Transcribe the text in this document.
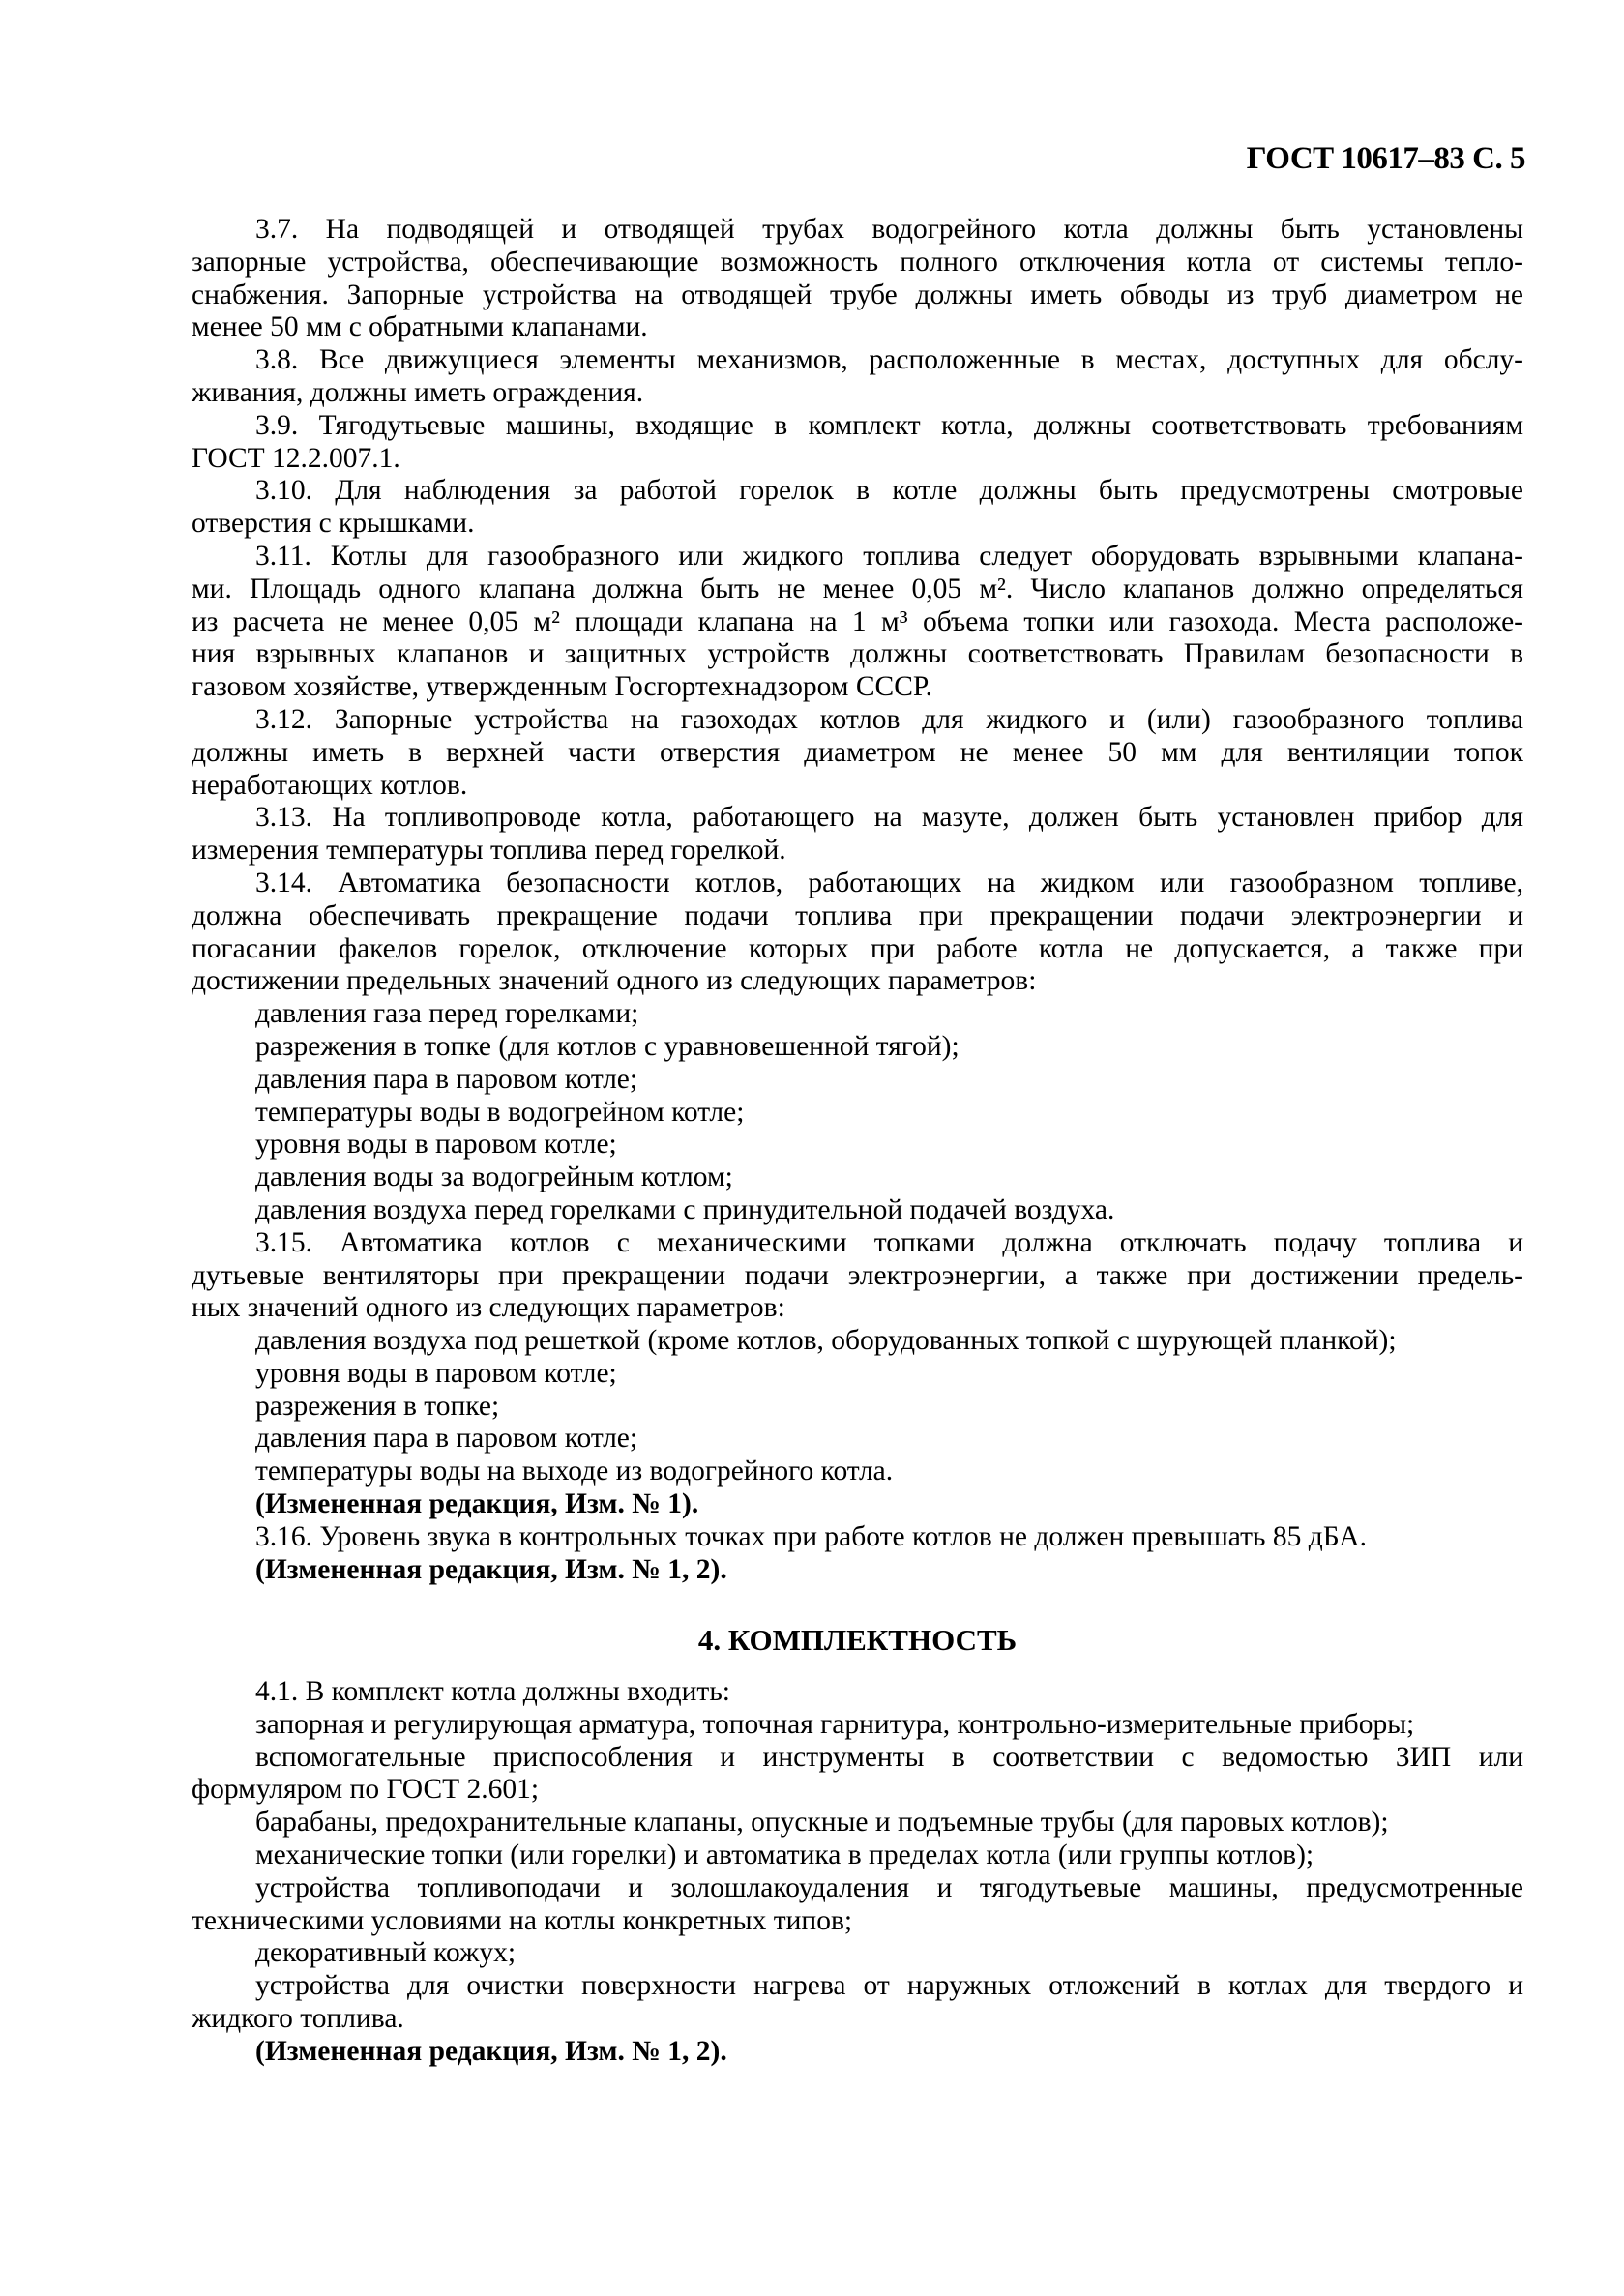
ГОСТ 10617–83 С. 5
3.7. На подводящей и отводящей трубах водогрейного котла должны быть установлены
запорные устройства, обеспечивающие возможность полного отключения котла от системы тепло-
снабжения. Запорные устройства на отводящей трубе должны иметь обводы из труб диаметром не
менее 50 мм с обратными клапанами.
3.8. Все движущиеся элементы механизмов, расположенные в местах, доступных для обслу-
живания, должны иметь ограждения.
3.9. Тягодутьевые машины, входящие в комплект котла, должны соответствовать требованиям
ГОСТ 12.2.007.1.
3.10. Для наблюдения за работой горелок в котле должны быть предусмотрены смотровые
отверстия с крышками.
3.11. Котлы для газообразного или жидкого топлива следует оборудовать взрывными клапана-
ми. Площадь одного клапана должна быть не менее 0,05 м². Число клапанов должно определяться
из расчета не менее 0,05 м² площади клапана на 1 м³ объема топки или газохода. Места расположе-
ния взрывных клапанов и защитных устройств должны соответствовать Правилам безопасности в
газовом хозяйстве, утвержденным Госгортехнадзором СССР.
3.12. Запорные устройства на газоходах котлов для жидкого и (или) газообразного топлива
должны иметь в верхней части отверстия диаметром не менее 50 мм для вентиляции топок
неработающих котлов.
3.13. На топливопроводе котла, работающего на мазуте, должен быть установлен прибор для
измерения температуры топлива перед горелкой.
3.14. Автоматика безопасности котлов, работающих на жидком или газообразном топливе,
должна обеспечивать прекращение подачи топлива при прекращении подачи электроэнергии и
погасании факелов горелок, отключение которых при работе котла не допускается, а также при
достижении предельных значений одного из следующих параметров:
давления газа перед горелками;
разрежения в топке (для котлов с уравновешенной тягой);
давления пара в паровом котле;
температуры воды в водогрейном котле;
уровня воды в паровом котле;
давления воды за водогрейным котлом;
давления воздуха перед горелками с принудительной подачей воздуха.
3.15. Автоматика котлов с механическими топками должна отключать подачу топлива и
дутьевые вентиляторы при прекращении подачи электроэнергии, а также при достижении предель-
ных значений одного из следующих параметров:
давления воздуха под решеткой (кроме котлов, оборудованных топкой с шурующей планкой);
уровня воды в паровом котле;
разрежения в топке;
давления пара в паровом котле;
температуры воды на выходе из водогрейного котла.
(Измененная редакция, Изм. № 1).
3.16. Уровень звука в контрольных точках при работе котлов не должен превышать 85 дБА.
(Измененная редакция, Изм. № 1, 2).
4. КОМПЛЕКТНОСТЬ
4.1. В комплект котла должны входить:
запорная и регулирующая арматура, топочная гарнитура, контрольно-измерительные приборы;
вспомогательные приспособления и инструменты в соответствии с ведомостью ЗИП или
формуляром по ГОСТ 2.601;
барабаны, предохранительные клапаны, опускные и подъемные трубы (для паровых котлов);
механические топки (или горелки) и автоматика в пределах котла (или группы котлов);
устройства топливоподачи и золошлакоудаления и тягодутьевые машины, предусмотренные
техническими условиями на котлы конкретных типов;
декоративный кожух;
устройства для очистки поверхности нагрева от наружных отложений в котлах для твердого и
жидкого топлива.
(Измененная редакция, Изм. № 1, 2).
